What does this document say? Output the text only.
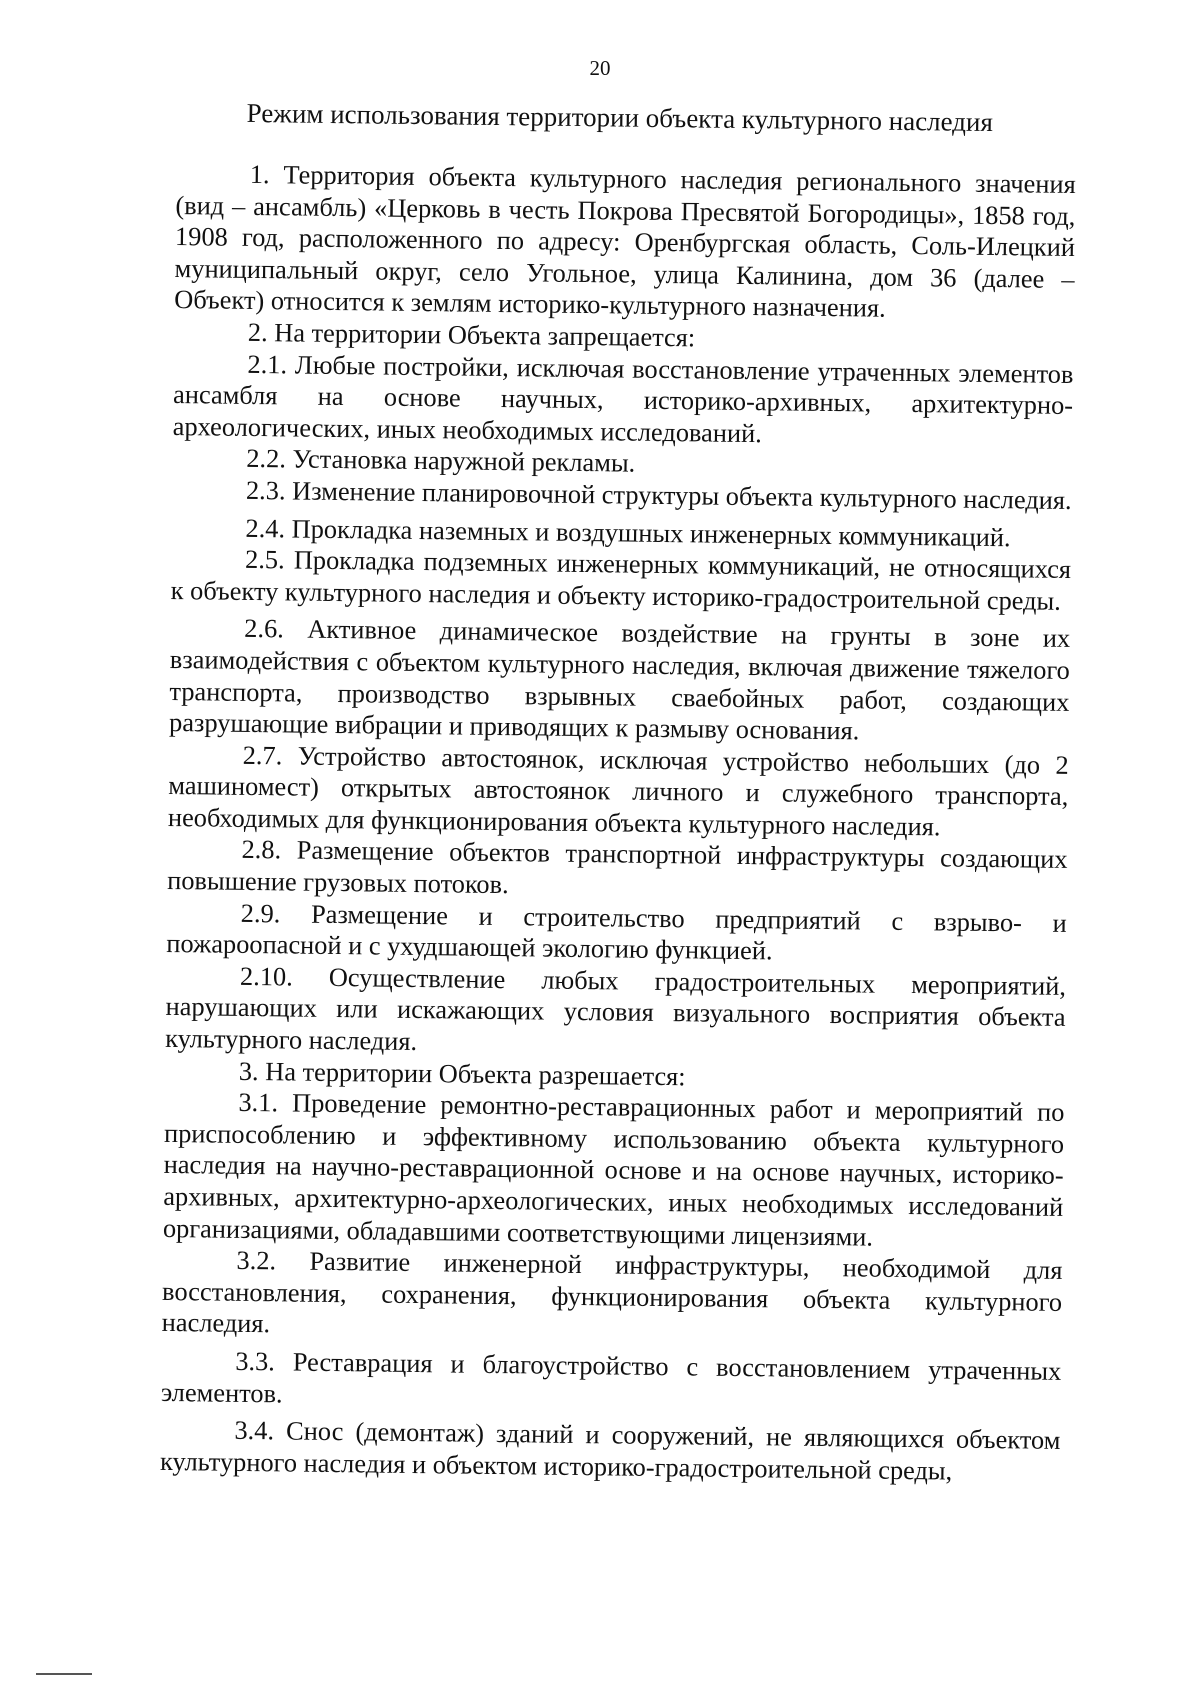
20
Режим использования территории объекта культурного наследия

1. Территория объекта культурного наследия регионального значения (вид – ансамбль) «Церковь в честь Покрова Пресвятой Богородицы», 1858 год, 1908 год, расположенного по адресу: Оренбургская область, Соль-Илецкий муниципальный округ, село Угольное, улица Калинина, дом 36 (далее – Объект) относится к землям историко-культурного назначения.

2. На территории Объекта запрещается:

2.1. Любые постройки, исключая восстановление утраченных элементов ансамбля на основе научных, историко-архивных, архитектурно-археологических, иных необходимых исследований.

2.2. Установка наружной рекламы.

2.3. Изменение планировочной структуры объекта культурного наследия.

2.4. Прокладка наземных и воздушных инженерных коммуникаций.

2.5. Прокладка подземных инженерных коммуникаций, не относящихся к объекту культурного наследия и объекту историко-градостроительной среды.

2.6. Активное динамическое воздействие на грунты в зоне их взаимодействия с объектом культурного наследия, включая движение тяжелого транспорта, производство взрывных сваебойных работ, создающих разрушающие вибрации и приводящих к размыву основания.

2.7. Устройство автостоянок, исключая устройство небольших (до 2 машиномест) открытых автостоянок личного и служебного транспорта, необходимых для функционирования объекта культурного наследия.

2.8. Размещение объектов транспортной инфраструктуры создающих повышение грузовых потоков.

2.9. Размещение и строительство предприятий с взрыво- и пожароопасной и с ухудшающей экологию функцией.

2.10. Осуществление любых градостроительных мероприятий, нарушающих или искажающих условия визуального восприятия объекта культурного наследия.

3. На территории Объекта разрешается:

3.1. Проведение ремонтно-реставрационных работ и мероприятий по приспособлению и эффективному использованию объекта культурного наследия на научно-реставрационной основе и на основе научных, историко-архивных, архитектурно-археологических, иных необходимых исследований организациями, обладавшими соответствующими лицензиями.

3.2. Развитие инженерной инфраструктуры, необходимой для восстановления, сохранения, функционирования объекта культурного наследия.

3.3. Реставрация и благоустройство с восстановлением утраченных элементов.

3.4. Снос (демонтаж) зданий и сооружений, не являющихся объектом культурного наследия и объектом историко-градостроительной среды,
